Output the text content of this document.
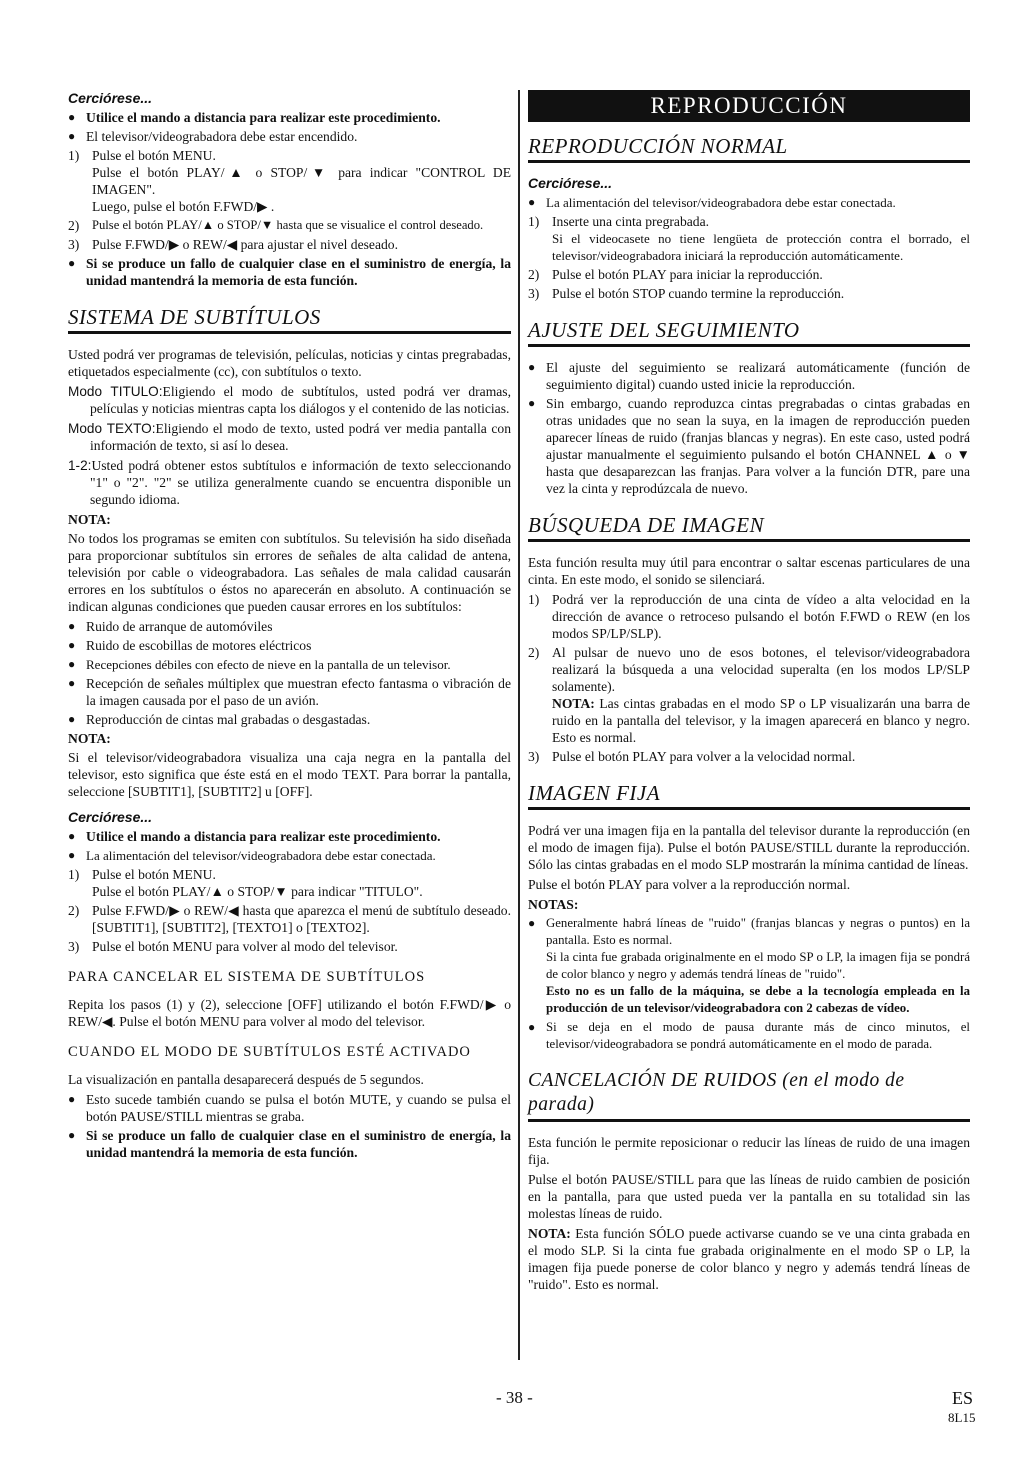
Cerciórese...
● Utilice el mando a distancia para realizar este procedimiento.
● El televisor/videograbadora debe estar encendido.
1) Pulse el botón MENU.
Pulse el botón PLAY/▲ o STOP/▼ para indicar "CONTROL DE IMAGEN".
Luego, pulse el botón F.FWD/▶ .
2)	Pulse el botón PLAY/▲ o STOP/▼ hasta que se visualice el control deseado.
3) Pulse F.FWD/▶ o REW/◀ para ajustar el nivel deseado.
● Si se produce un fallo de cualquier clase en el suministro de energía, la unidad mantendrá la memoria de esta función.
SISTEMA DE SUBTÍTULOS

Usted podrá ver programas de televisión, películas, noticias y cintas pregrabadas, etiquetados especialmente (cc), con subtítulos o texto.

Modo TITULO:Eligiendo el modo de subtítulos, usted podrá ver dramas, películas y noticias mientras capta los diálogos y el contenido de las noticias.
Modo TEXTO:Eligiendo el modo de texto, usted podrá ver media pantalla con información de texto, si así lo desea.
1-2:Usted podrá obtener estos subtítulos e información de texto seleccionando "1" o "2". "2" se utiliza generalmente cuando se encuentra disponible un segundo idioma.
NOTA:

No todos los programas se emiten con subtítulos. Su televisión ha sido diseñada para proporcionar subtítulos sin errores de señales de alta calidad de antena, televisión por cable o videograbadora. Las señales de mala calidad causarán errores en los subtítulos o éstos no aparecerán en absoluto. A continuación se indican algunas condiciones que pueden causar errores en los subtítulos:

● Ruido de arranque de automóviles
● Ruido de escobillas de motores eléctricos
● Recepciones débiles con efecto de nieve en la pantalla de un televisor.
● Recepción de señales múltiplex que muestran efecto fantasma o vibración de la imagen causada por el paso de un avión.
● Reproducción de cintas mal grabadas o desgastadas.
NOTA:

Si el televisor/videograbadora visualiza una caja negra en la pantalla del televisor, esto significa que éste está en el modo TEXT. Para borrar la pantalla, seleccione [SUBTIT1], [SUBTIT2] u [OFF].

Cerciórese...
● Utilice el mando a distancia para realizar este procedimiento.
● La alimentación del televisor/videograbadora debe estar conectada.
1) Pulse el botón MENU.
Pulse el botón PLAY/▲ o STOP/▼ para indicar "TITULO".
2) Pulse F.FWD/▶ o REW/◀ hasta que aparezca el menú de subtítulo deseado. [SUBTIT1], [SUBTIT2], [TEXTO1] o [TEXTO2].
3) Pulse el botón MENU para volver al modo del televisor.
PARA CANCELAR EL SISTEMA DE SUBTÍTULOS

Repita los pasos (1) y (2), seleccione [OFF] utilizando el botón F.FWD/▶ o REW/◀. Pulse el botón MENU para volver al modo del televisor.

CUANDO EL MODO DE SUBTÍTULOS ESTÉ ACTIVADO

La visualización en pantalla desaparecerá después de 5 segundos.

● Esto sucede también cuando se pulsa el botón MUTE, y cuando se pulsa el botón PAUSE/STILL mientras se graba.
● Si se produce un fallo de cualquier clase en el suministro de energía, la unidad mantendrá la memoria de esta función.
REPRODUCCIÓN
REPRODUCCIÓN NORMAL
Cerciórese...
● La alimentación del televisor/videograbadora debe estar conectada.
1) Inserte una cinta pregrabada.
Si el videocasete no tiene lengüeta de protección contra el borrado, el televisor/videograbadora iniciará la reproducción automáticamente.
2) Pulse el botón PLAY para iniciar la reproducción.
3) Pulse el botón STOP cuando termine la reproducción.
AJUSTE DEL SEGUIMIENTO
● El ajuste del seguimiento se realizará automáticamente (función de seguimiento digital) cuando usted inicie la reproducción.
● Sin embargo, cuando reproduzca cintas pregrabadas o cintas grabadas en otras unidades que no sean la suya, en la imagen de reproducción pueden aparecer líneas de ruido (franjas blancas y negras). En este caso, usted podrá ajustar manualmente el seguimiento pulsando el botón CHANNEL ▲ o ▼ hasta que desaparezcan las franjas. Para volver a la función DTR, pare una vez la cinta y reprodúzcala de nuevo.
BÚSQUEDA DE IMAGEN

Esta función resulta muy útil para encontrar o saltar escenas particulares de una cinta. En este modo, el sonido se silenciará.

1) Podrá ver la reproducción de una cinta de vídeo a alta velocidad en la dirección de avance o retroceso pulsando el botón F.FWD o REW (en los modos SP/LP/SLP).
2) Al pulsar de nuevo uno de esos botones, el televisor/videograbadora realizará la búsqueda a una velocidad superalta (en los modos LP/SLP solamente).
NOTA: Las cintas grabadas en el modo SP o LP visualizarán una barra de ruido en la pantalla del televisor, y la imagen aparecerá en blanco y negro. Esto es normal.
3) Pulse el botón PLAY para volver a la velocidad normal.
IMAGEN FIJA

Podrá ver una imagen fija en la pantalla del televisor durante la reproducción (en el modo de imagen fija). Pulse el botón PAUSE/STILL durante la reproducción. Sólo las cintas grabadas en el modo SLP mostrarán la mínima cantidad de líneas.

Pulse el botón PLAY para volver a la reproducción normal.

NOTAS:
● Generalmente habrá líneas de "ruido" (franjas blancas y negras o puntos) en la pantalla. Esto es normal.
Si la cinta fue grabada originalmente en el modo SP o LP, la imagen fija se pondrá de color blanco y negro y además tendrá líneas de "ruido".
Esto no es un fallo de la máquina, se debe a la tecnología empleada en la producción de un televisor/videograbadora con 2 cabezas de vídeo.
● Si se deja en el modo de pausa durante más de cinco minutos, el televisor/videograbadora se pondrá automáticamente en el modo de parada.
CANCELACIÓN DE RUIDOS (en el modo de parada)

Esta función le permite reposicionar o reducir las líneas de ruido de una imagen fija.

Pulse el botón PAUSE/STILL para que las líneas de ruido cambien de posición en la pantalla, para que usted pueda ver la pantalla en su totalidad sin las molestas líneas de ruido.

NOTA: Esta función SÓLO puede activarse cuando se ve una cinta grabada en el modo SLP. Si la cinta fue grabada originalmente en el modo SP o LP, la imagen fija puede ponerse de color blanco y negro y además tendrá líneas de "ruido". Esto es normal.

- 38 -	ES
8L15
